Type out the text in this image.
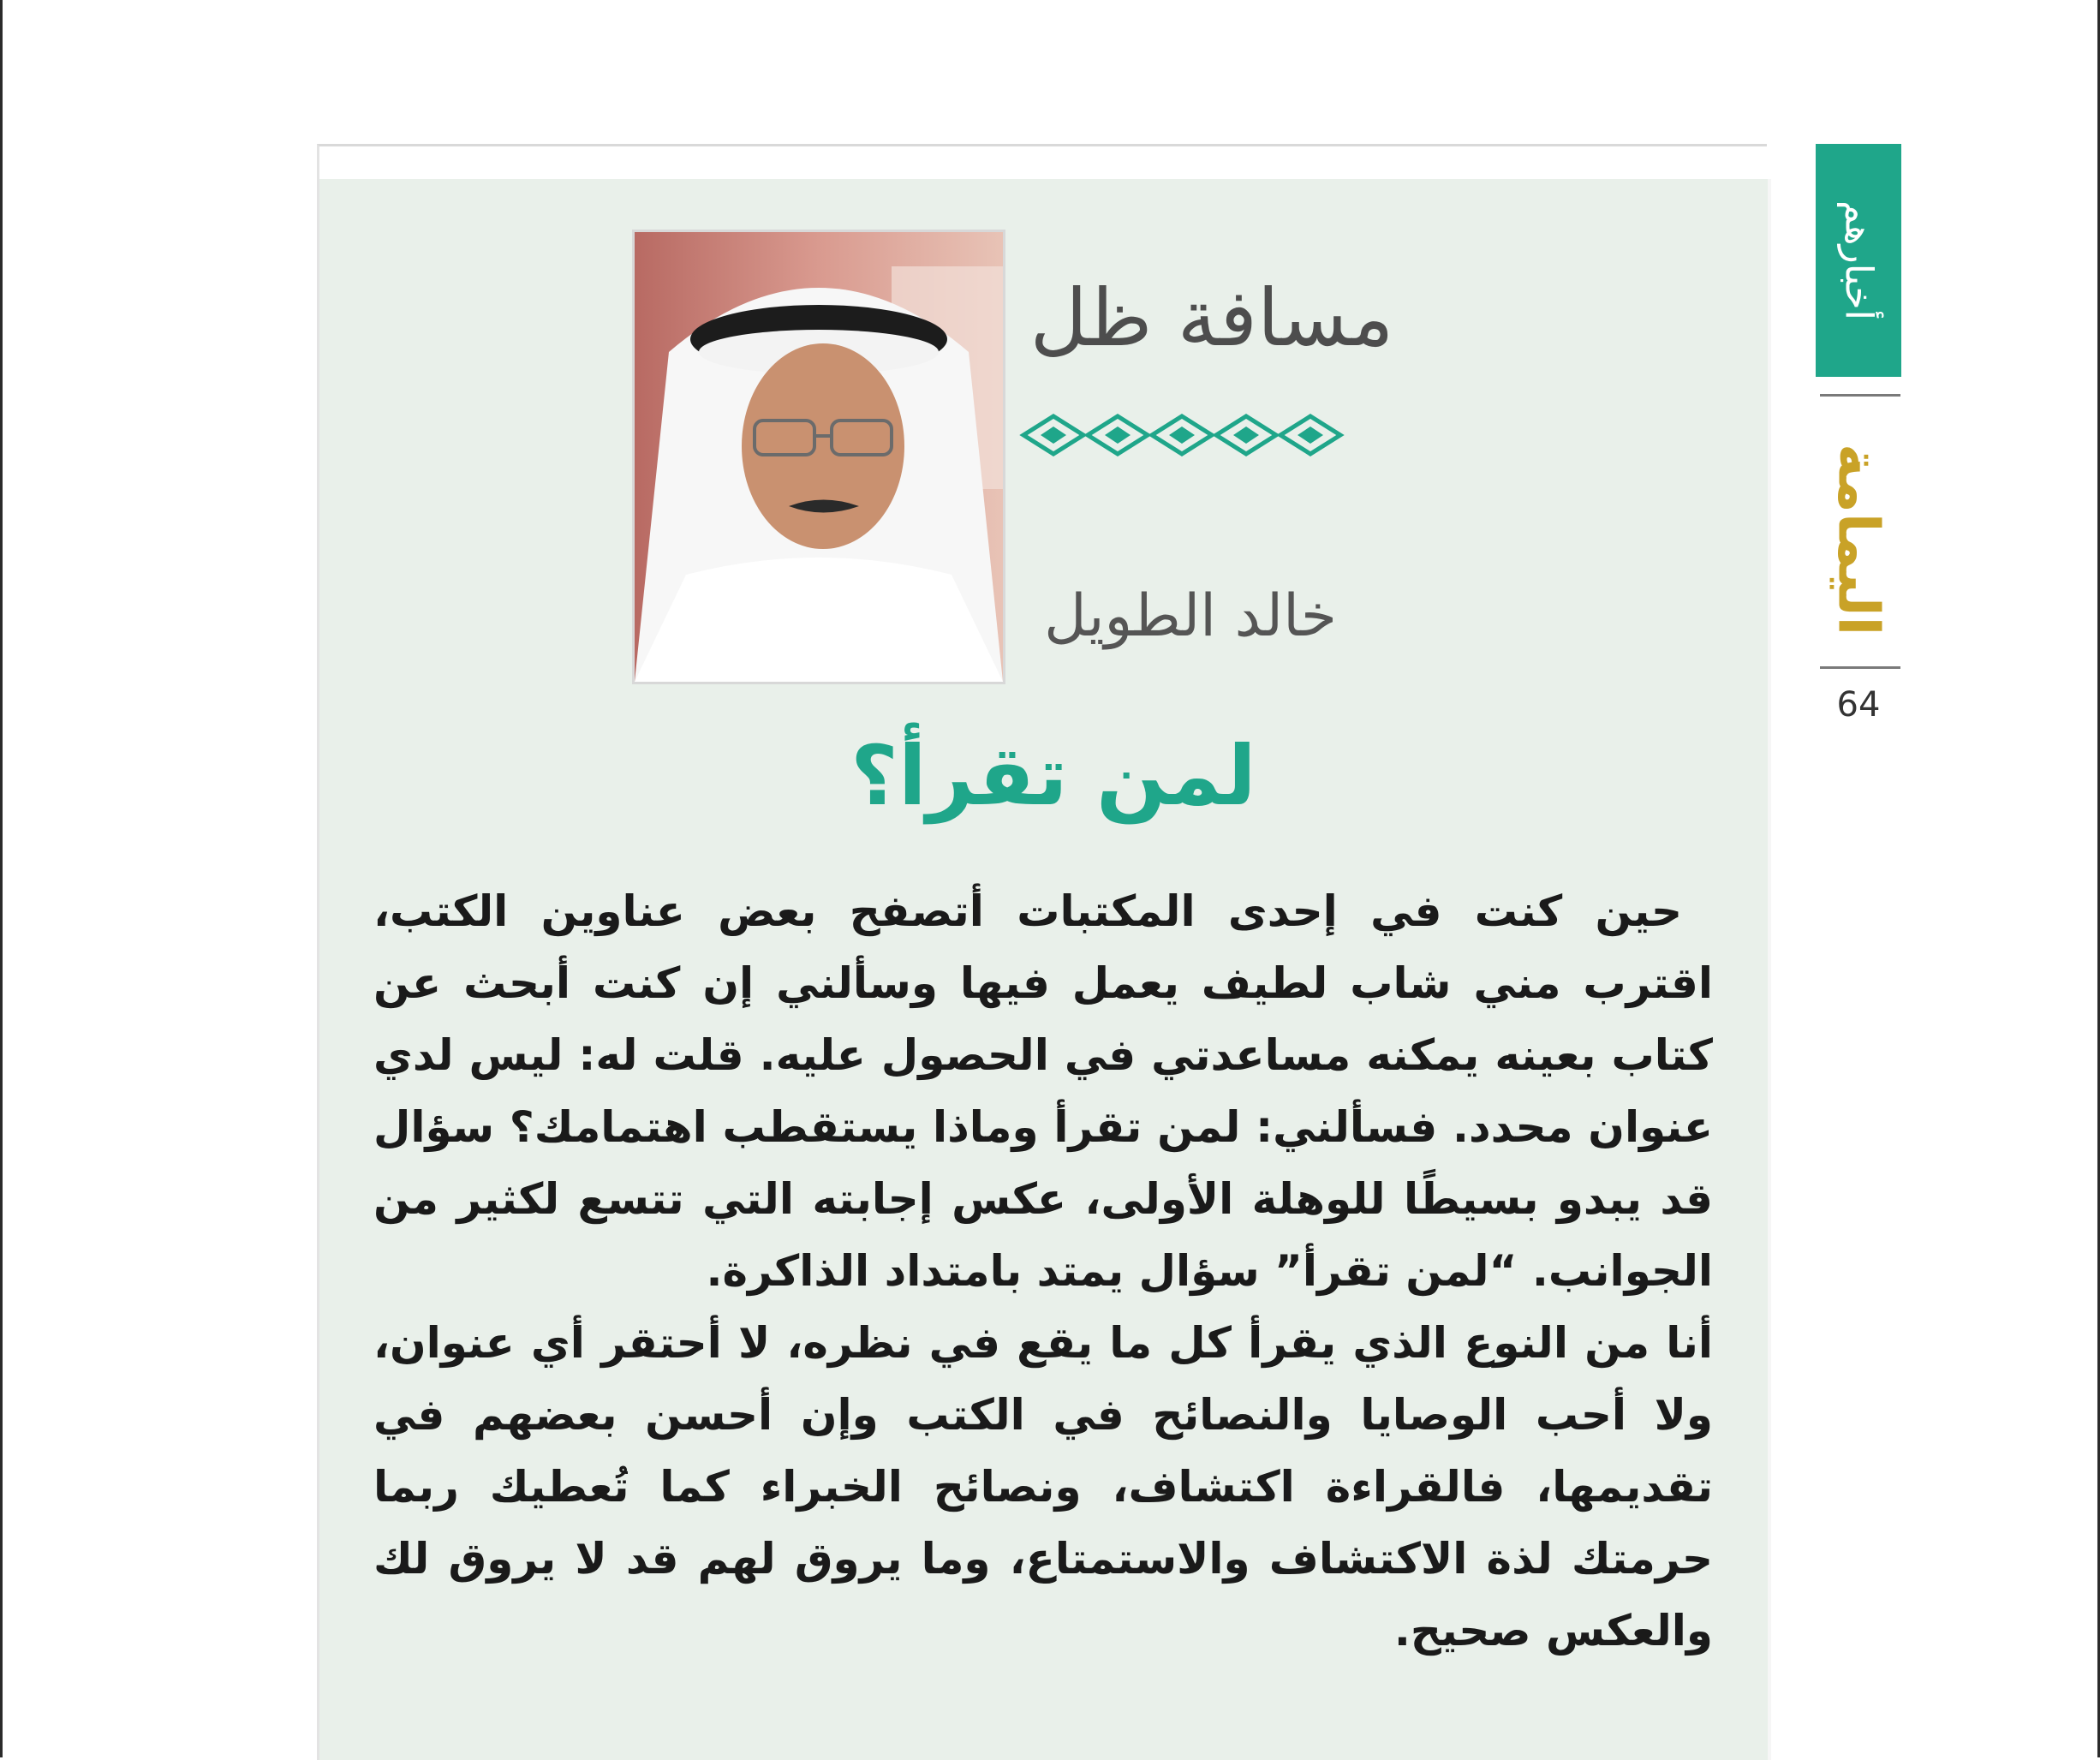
أخبارهم
اليمامة
64
مسافة ظل
خالد الطويل
لمن تقرأ؟

حين كنت في إحدى المكتبات أتصفح بعض عناوين الكتب، اقترب مني شاب لطيف يعمل فيها وسألني إن كنت أبحث عن كتاب بعينه يمكنه مساعدتي في الحصول عليه. قلت له: ليس لدي عنوان محدد. فسألني: لمن تقرأ وماذا يستقطب اهتمامك؟ سؤال قد يبدو بسيطًا للوهلة الأولى، عكس إجابته التي تتسع لكثير من الجوانب. “لمن تقرأ” سؤال يمتد بامتداد الذاكرة.

أنا من النوع الذي يقرأ كل ما يقع في نظره، لا أحتقر أي عنوان، ولا أحب الوصايا والنصائح في الكتب وإن أحسن بعضهم في تقديمها، فالقراءة اكتشاف، ونصائح الخبراء كما تُعطيك ربما حرمتك لذة الاكتشاف والاستمتاع، وما يروق لهم قد لا يروق لك والعكس صحيح.
